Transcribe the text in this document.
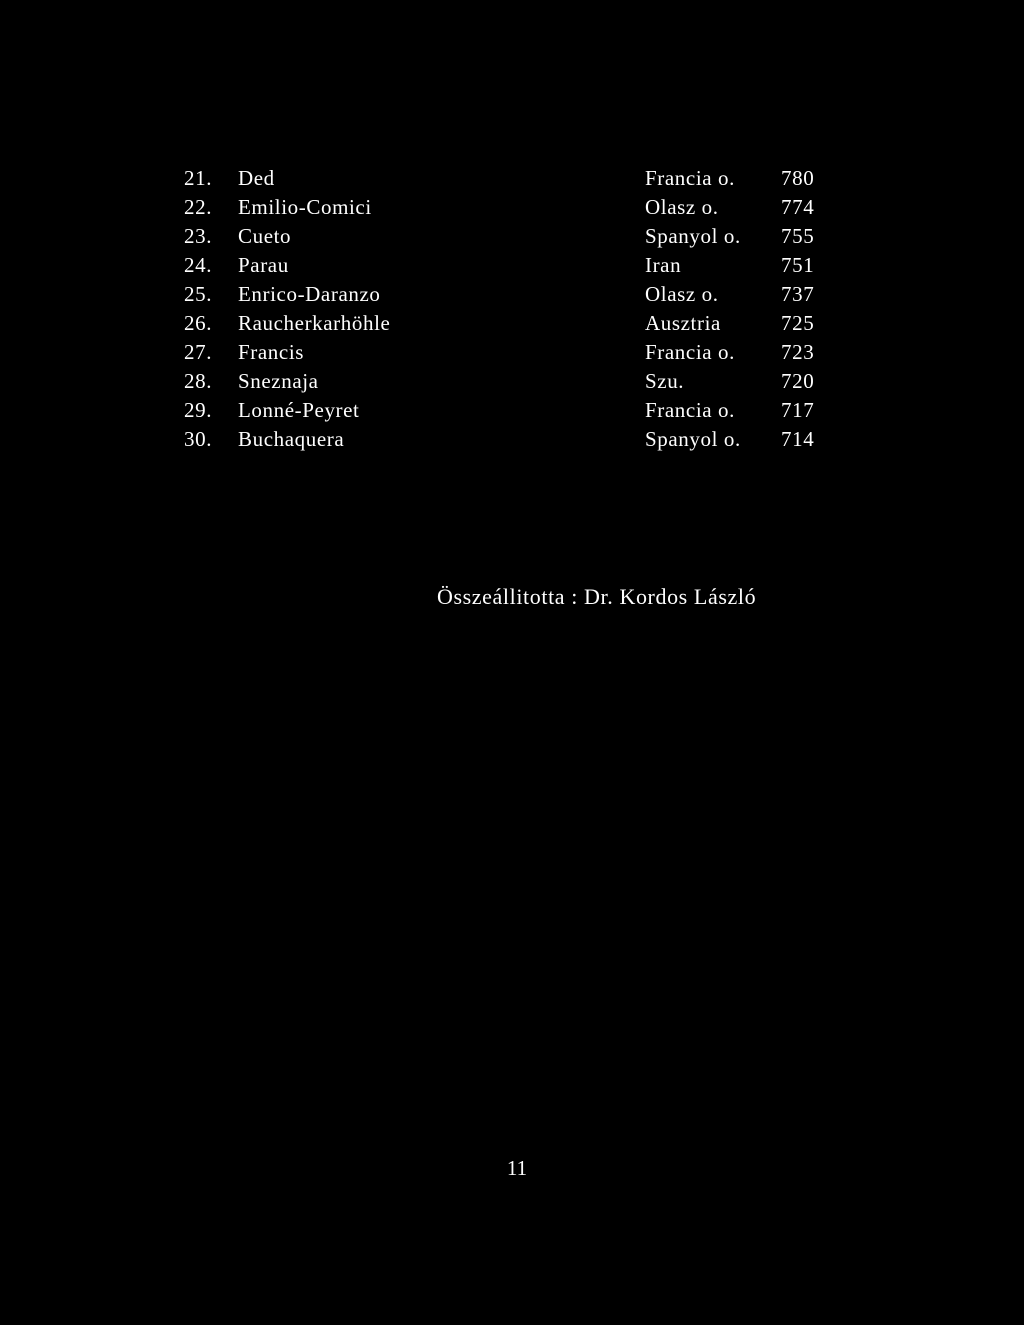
21. Ded	Francia o. 780
22. Emilio-Comici	Olasz o.	774
23. Cueto	Spanyol o. 755
24. Parau	Iran	751
25. Enrico-Daranzo	Olasz o.	737
26. Raucherkarhöhle	Ausztria	725
27. Francis	Francia o. 723
28. Sneznaja	Szu.	720
29. Lonné-Peyret	Francia o. 717
30. Buchaquera	Spanyol o. 714
Összeállitotta : Dr. Kordos László
11
